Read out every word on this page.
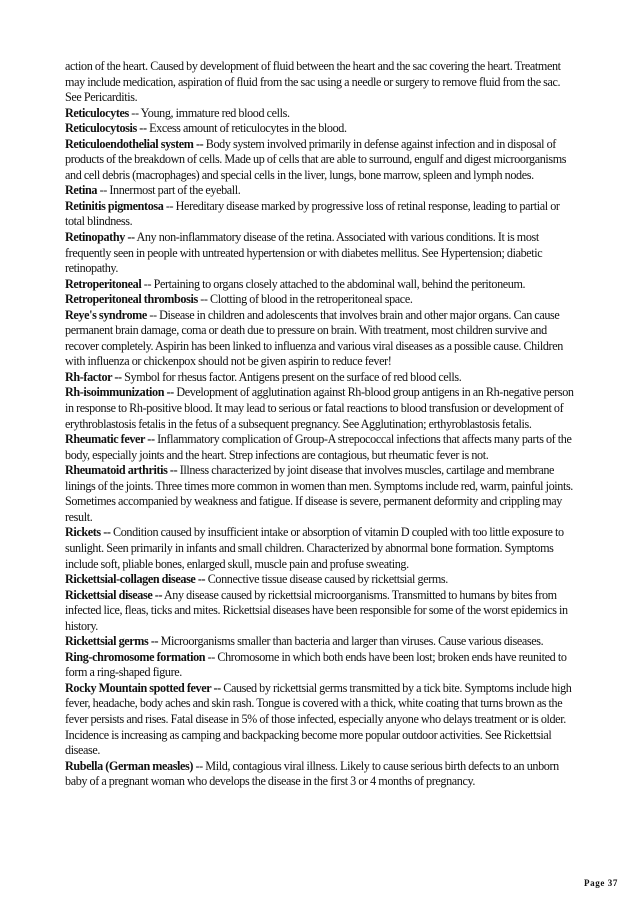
action of the heart. Caused by development of fluid between the heart and the sac covering the heart. Treatment may include medication, aspiration of fluid from the sac using a needle or surgery to remove fluid from the sac. See Pericarditis.

Reticulocytes -- Young, immature red blood cells.

Reticulocytosis -- Excess amount of reticulocytes in the blood.

Reticuloendothelial system -- Body system involved primarily in defense against infection and in disposal of products of the breakdown of cells. Made up of cells that are able to surround, engulf and digest microorganisms and cell debris (macrophages) and special cells in the liver, lungs, bone marrow, spleen and lymph nodes.

Retina -- Innermost part of the eyeball.

Retinitis pigmentosa -- Hereditary disease marked by progressive loss of retinal response, leading to partial or total blindness.

Retinopathy -- Any non-inflammatory disease of the retina. Associated with various conditions. It is most frequently seen in people with untreated hypertension or with diabetes mellitus. See Hypertension; diabetic retinopathy.

Retroperitoneal -- Pertaining to organs closely attached to the abdominal wall, behind the peritoneum.

Retroperitoneal thrombosis -- Clotting of blood in the retroperitoneal space.

Reye's syndrome -- Disease in children and adolescents that involves brain and other major organs. Can cause permanent brain damage, coma or death due to pressure on brain. With treatment, most children survive and recover completely. Aspirin has been linked to influenza and various viral diseases as a possible cause. Children with influenza or chickenpox should not be given aspirin to reduce fever!

Rh-factor -- Symbol for rhesus factor. Antigens present on the surface of red blood cells.

Rh-isoimmunization -- Development of agglutination against Rh-blood group antigens in an Rh-negative person in response to Rh-positive blood. It may lead to serious or fatal reactions to blood transfusion or development of erythroblastosis fetalis in the fetus of a subsequent pregnancy. See Agglutination; erthyroblastosis fetalis.

Rheumatic fever -- Inflammatory complication of Group-A strepococcal infections that affects many parts of the body, especially joints and the heart. Strep infections are contagious, but rheumatic fever is not.

Rheumatoid arthritis -- Illness characterized by joint disease that involves muscles, cartilage and membrane linings of the joints. Three times more common in women than men. Symptoms include red, warm, painful joints. Sometimes accompanied by weakness and fatigue. If disease is severe, permanent deformity and crippling may result.

Rickets -- Condition caused by insufficient intake or absorption of vitamin D coupled with too little exposure to sunlight. Seen primarily in infants and small children. Characterized by abnormal bone formation. Symptoms include soft, pliable bones, enlarged skull, muscle pain and profuse sweating.

Rickettsial-collagen disease -- Connective tissue disease caused by rickettsial germs.

Rickettsial disease -- Any disease caused by rickettsial microorganisms. Transmitted to humans by bites from infected lice, fleas, ticks and mites. Rickettsial diseases have been responsible for some of the worst epidemics in history.

Rickettsial germs -- Microorganisms smaller than bacteria and larger than viruses. Cause various diseases.

Ring-chromosome formation -- Chromosome in which both ends have been lost; broken ends have reunited to form a ring-shaped figure.

Rocky Mountain spotted fever -- Caused by rickettsial germs transmitted by a tick bite. Symptoms include high fever, headache, body aches and skin rash. Tongue is covered with a thick, white coating that turns brown as the fever persists and rises. Fatal disease in 5% of those infected, especially anyone who delays treatment or is older. Incidence is increasing as camping and backpacking become more popular outdoor activities. See Rickettsial disease.

Rubella (German measles) -- Mild, contagious viral illness. Likely to cause serious birth defects to an unborn baby of a pregnant woman who develops the disease in the first 3 or 4 months of pregnancy.

Page 37
